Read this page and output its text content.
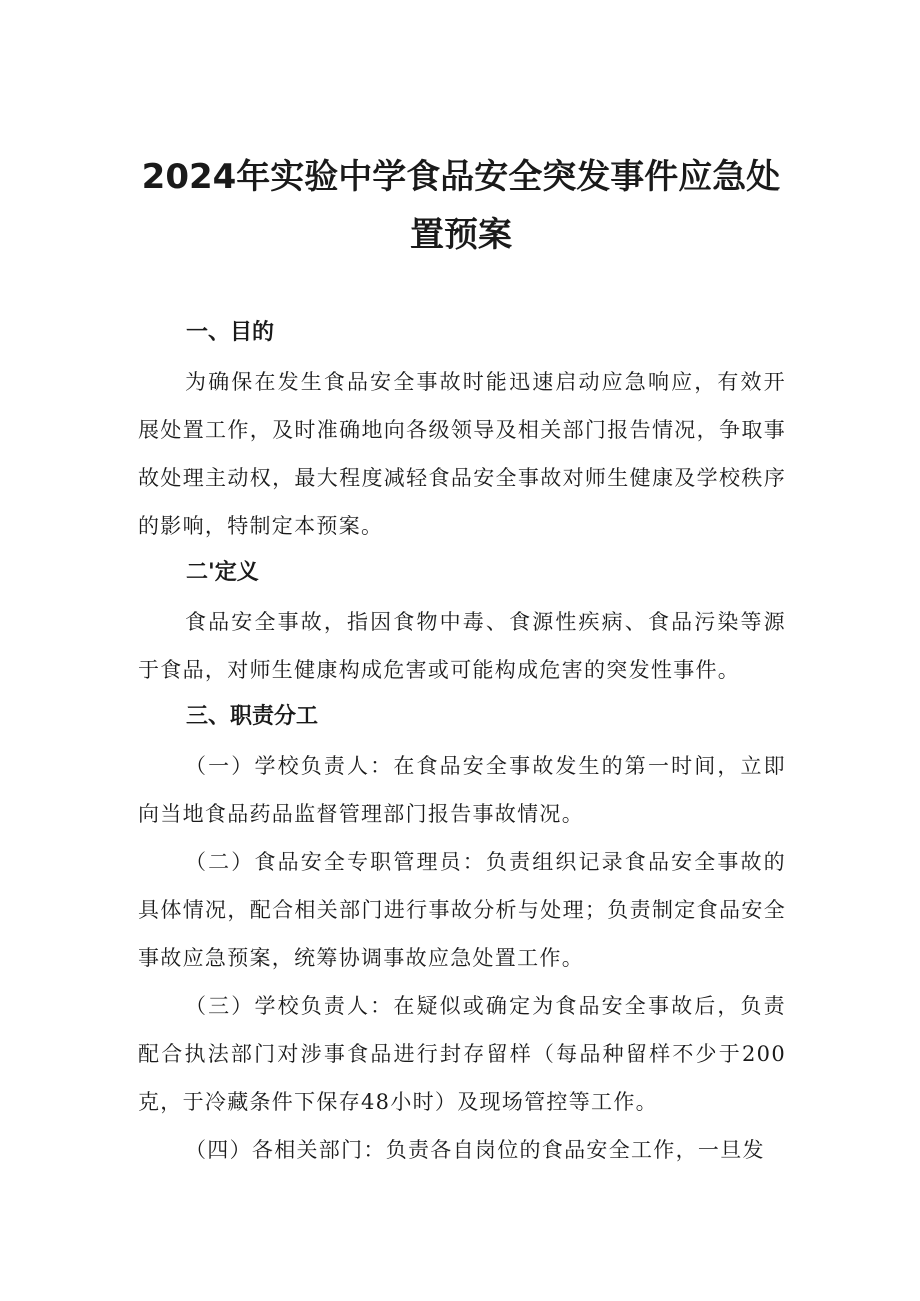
2024年实验中学食品安全突发事件应急处
置预案
一、目的

为确保在发生食品安全事故时能迅速启动应急响应，有效开展处置工作，及时准确地向各级领导及相关部门报告情况，争取事故处理主动权，最大程度减轻食品安全事故对师生健康及学校秩序的影响，特制定本预案。

二'定义

食品安全事故，指因食物中毒、食源性疾病、食品污染等源于食品，对师生健康构成危害或可能构成危害的突发性事件。

三、职责分工

（一）学校负责人：在食品安全事故发生的第一时间，立即向当地食品药品监督管理部门报告事故情况。

（二）食品安全专职管理员：负责组织记录食品安全事故的具体情况，配合相关部门进行事故分析与处理；负责制定食品安全事故应急预案，统筹协调事故应急处置工作。

（三）学校负责人：在疑似或确定为食品安全事故后，负责配合执法部门对涉事食品进行封存留样（每品种留样不少于200克，于冷藏条件下保存48小时）及现场管控等工作。

（四）各相关部门：负责各自岗位的食品安全工作，一旦发
